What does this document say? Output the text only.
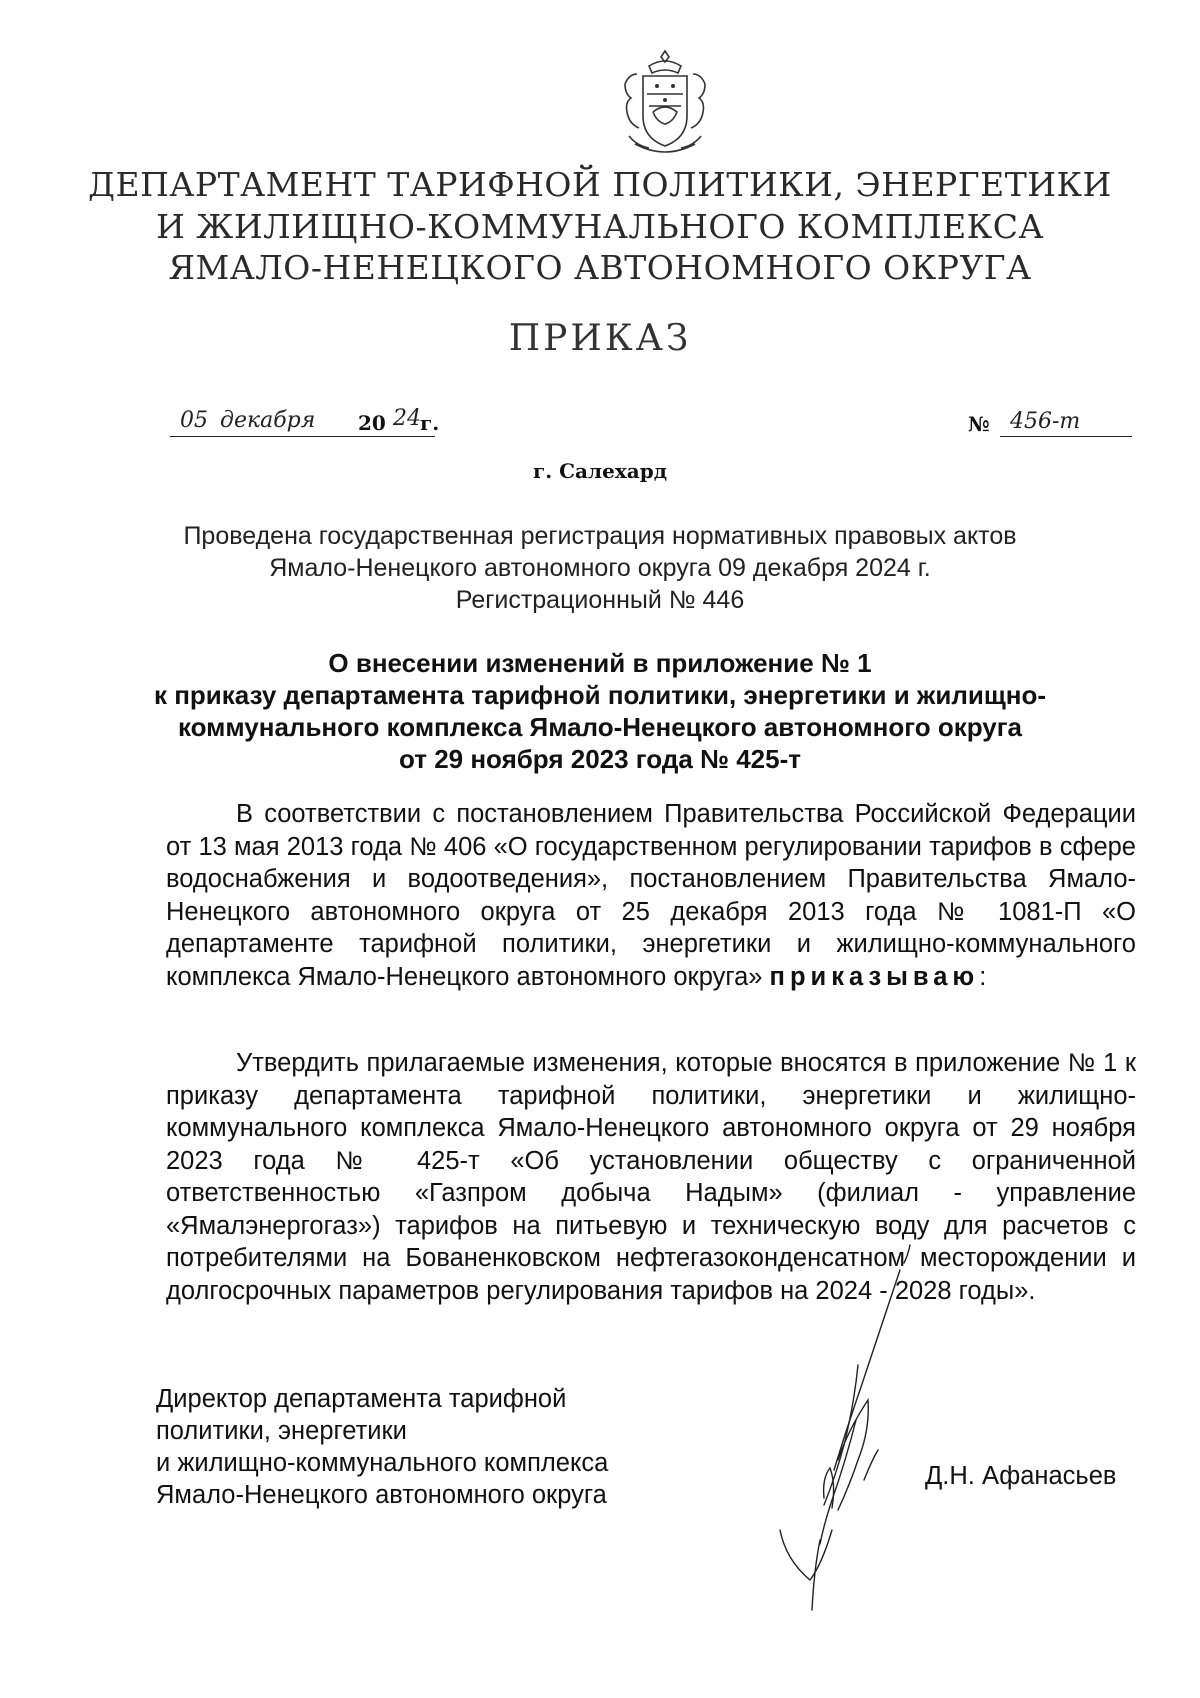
ДЕПАРТАМЕНТ ТАРИФНОЙ ПОЛИТИКИ, ЭНЕРГЕТИКИ
И ЖИЛИЩНО-КОММУНАЛЬНОГО КОМПЛЕКСА
ЯМАЛО-НЕНЕЦКОГО АВТОНОМНОГО ОКРУГА
ПРИКАЗ
05 декабря 20 24 г.	№ 456-т
г. Салехард
Проведена государственная регистрация нормативных правовых актов
Ямало-Ненецкого автономного округа 09 декабря 2024 г.
Регистрационный № 446
О внесении изменений в приложение № 1
к приказу департамента тарифной политики, энергетики и жилищно-
коммунального комплекса Ямало-Ненецкого автономного округа
от 29 ноября 2023 года № 425-т

В соответствии с постановлением Правительства Российской Федерации от 13 мая 2013 года № 406 «О государственном регулировании тарифов в сфере водоснабжения и водоотведения», постановлением Правительства Ямало-Ненецкого автономного округа от 25 декабря 2013 года № 1081-П «О департаменте тарифной политики, энергетики и жилищно-коммунального комплекса Ямало-Ненецкого автономного округа» приказываю:

Утвердить прилагаемые изменения, которые вносятся в приложение № 1 к приказу департамента тарифной политики, энергетики и жилищно-коммунального комплекса Ямало-Ненецкого автономного округа от 29 ноября 2023 года № 425-т «Об установлении обществу с ограниченной ответственностью «Газпром добыча Надым» (филиал - управление «Ямалэнергогаз») тарифов на питьевую и техническую воду для расчетов с потребителями на Бованенковском нефтегазоконденсатном месторождении и долгосрочных параметров регулирования тарифов на 2024 - 2028 годы».

Директор департамента тарифной
политики, энергетики
и жилищно-коммунального комплекса
Ямало-Ненецкого автономного округа
Д.Н. Афанасьев
